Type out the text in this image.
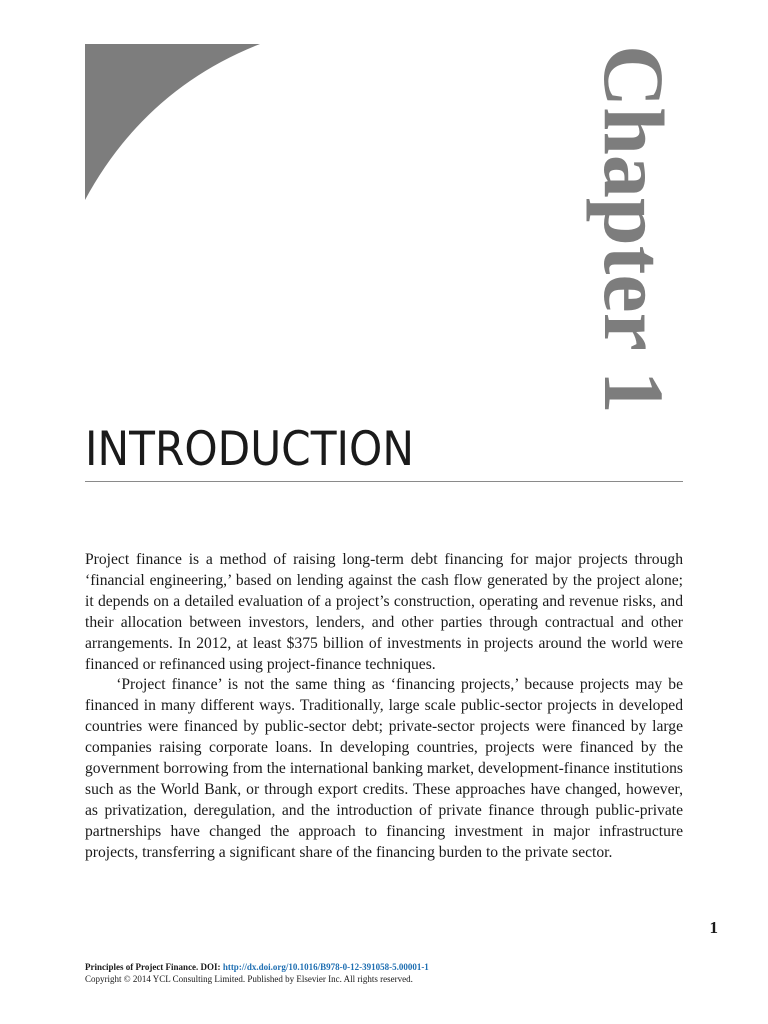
Chapter 1
INTRODUCTION

Project finance is a method of raising long-term debt financing for major projects through ‘financial engineering,’ based on lending against the cash flow generated by the project alone; it depends on a detailed evaluation of a project’s construction, operating and revenue risks, and their allocation between investors, lenders, and other parties through contractual and other arrangements. In 2012, at least $375 billion of investments in projects around the world were financed or refinanced using project-finance techniques.

‘Project finance’ is not the same thing as ‘financing projects,’ because projects may be financed in many different ways. Traditionally, large scale public-sector projects in developed countries were financed by public-sector debt; private-sector projects were financed by large companies raising corporate loans. In developing countries, projects were financed by the government borrowing from the international banking market, development-finance institutions such as the World Bank, or through export credits. These approaches have changed, however, as privatization, deregulation, and the introduction of private finance through public-private partnerships have changed the approach to financing investment in major infrastructure projects, transferring a significant share of the financing burden to the private sector.

1
Principles of Project Finance. DOI: http://dx.doi.org/10.1016/B978-0-12-391058-5.00001-1
Copyright © 2014 YCL Consulting Limited. Published by Elsevier Inc. All rights reserved.
